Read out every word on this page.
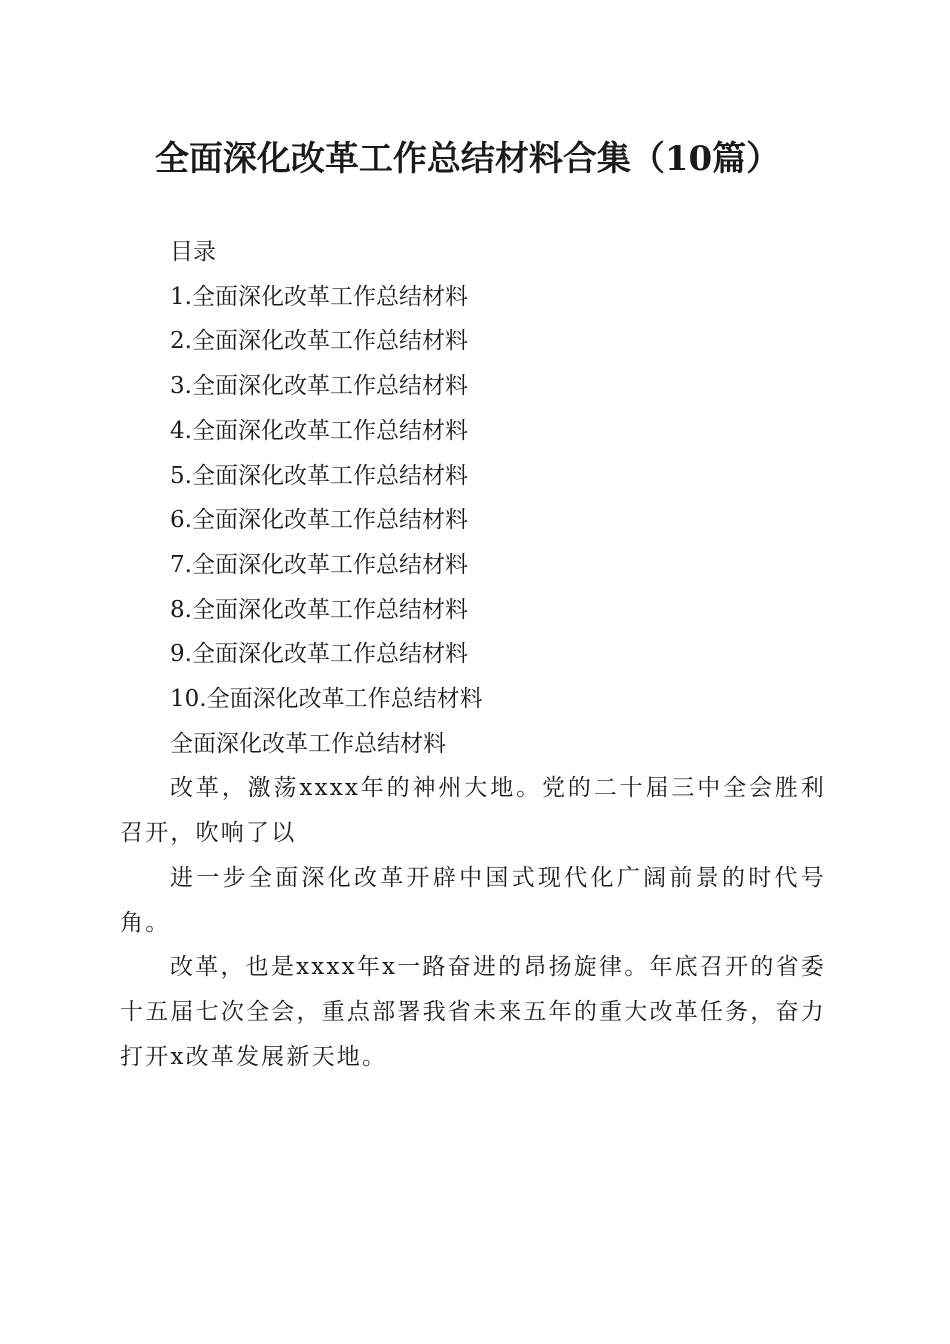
全面深化改革工作总结材料合集（10篇）

目录

1.全面深化改革工作总结材料

2.全面深化改革工作总结材料

3.全面深化改革工作总结材料

4.全面深化改革工作总结材料

5.全面深化改革工作总结材料

6.全面深化改革工作总结材料

7.全面深化改革工作总结材料

8.全面深化改革工作总结材料

9.全面深化改革工作总结材料

10.全面深化改革工作总结材料

全面深化改革工作总结材料

改革，激荡xxxx年的神州大地。党的二十届三中全会胜利召开，吹响了以

进一步全面深化改革开辟中国式现代化广阔前景的时代号角。

改革，也是xxxx年x一路奋进的昂扬旋律。年底召开的省委十五届七次全会，重点部署我省未来五年的重大改革任务，奋力打开x改革发展新天地。
